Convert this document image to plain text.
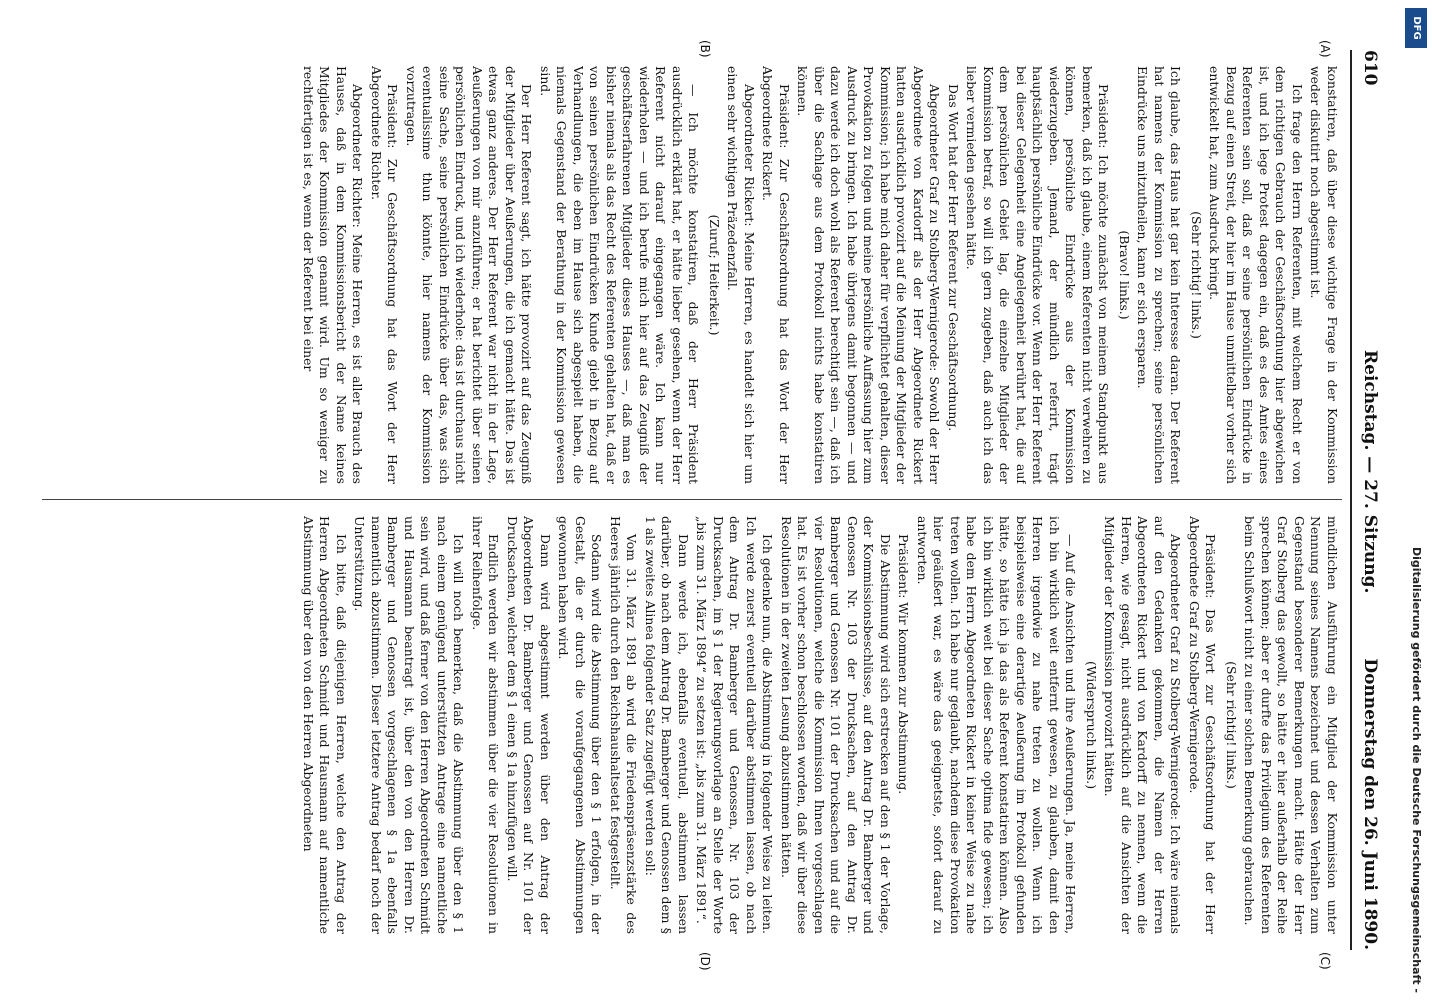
610
Reichstag. — 27. Sitzung.
Donnerstag den 26. Juni 1890.
(A)
(B)
(C)
(D)

konstatiren, daß über diese wichtige Frage in der Kommission weder diskutirt noch abgestimmt ist.

Ich frage den Herrn Referenten, mit welchem Recht er von dem richtigen Gebrauch der Geschäftsordnung hier abgewichen ist, und ich lege Protest dagegen ein, daß es des Amtes eines Referenten sein soll, daß er seine persönlichen Eindrücke in Bezug auf einen Streit, der hier im Hause unmittelbar vorher sich entwickelt hat, zum Ausdruck bringt.

(Sehr richtig! links.)

Ich glaube, das Haus hat gar kein Interesse daran. Der Referent hat namens der Kommission zu sprechen; seine persönlichen Eindrücke uns mitzutheilen, kann er sich ersparen.

(Bravo! links.)

Präsident: Ich möchte zunächst von meinem Standpunkt aus bemerken, daß ich glaube, einem Referenten nicht verwehren zu können, persönliche Eindrücke aus der Kommission wiederzugeben. Jemand, der mündlich referirt, trägt hauptsächlich persönliche Eindrücke vor. Wenn der Herr Referent bei dieser Gelegenheit eine Angelegenheit berührt hat, die auf dem persönlichen Gebiet lag, die einzelne Mitglieder der Kommission betraf, so will ich gern zugeben, daß auch ich das lieber vermieden gesehen hätte.

Das Wort hat der Herr Referent zur Geschäftsordnung.

Abgeordneter Graf zu Stolberg-Wernigerode: Sowohl der Herr Abgeordnete von Kardorff als der Herr Abgeordnete Rickert hatten ausdrücklich provozirt auf die Meinung der Mitglieder der Kommission; ich habe mich daher für verpflichtet gehalten, dieser Provokation zu folgen und meine persönliche Auffassung hier zum Ausdruck zu bringen. Ich habe übrigens damit begonnen — und dazu werde ich doch wohl als Referent berechtigt sein —, daß ich über die Sachlage aus dem Protokoll nichts habe konstatiren können.

Präsident: Zur Geschäftsordnung hat das Wort der Herr Abgeordnete Rickert.

Abgeordneter Rickert: Meine Herren, es handelt sich hier um einen sehr wichtigen Präzedenzfall.

(Zuruf; Heiterkeit.)

— Ich möchte konstatiren, daß der Herr Präsident ausdrücklich erklärt hat, er hätte lieber gesehen, wenn der Herr Referent nicht darauf eingegangen wäre. Ich kann nur wiederholen — und ich berufe mich hier auf das Zeugniß der geschäftserfahrenen Mitglieder dieses Hauses —, daß man es bisher niemals als das Recht des Referenten gehalten hat, daß er von seinen persönlichen Eindrücken Kunde giebt in Bezug auf Verhandlungen, die eben im Hause sich abgespielt haben, die niemals Gegenstand der Berathung in der Kommission gewesen sind.

Der Herr Referent sagt, ich hätte provozirt auf das Zeugniß der Mitglieder über Aeußerungen, die ich gemacht hätte. Das ist etwas ganz anderes. Der Herr Referent war nicht in der Lage, Aeußerungen von mir anzuführen; er hat berichtet über seinen persönlichen Eindruck, und ich wiederhole: das ist durchaus nicht seine Sache, seine persönlichen Eindrücke über das, was sich eventualissime thun könnte, hier namens der Kommission vorzutragen.

Präsident: Zur Geschäftsordnung hat das Wort der Herr Abgeordnete Richter.

Abgeordneter Richter: Meine Herren, es ist aller Brauch des Hauses, daß in dem Kommissionsbericht der Name keines Mitgliedes der Kommission genannt wird. Um so weniger zu rechtfertigen ist es, wenn der Referent bei einer

mündlichen Ausführung ein Mitglied der Kommission unter Nennung seines Namens bezeichnet und dessen Verhalten zum Gegenstand besonderer Bemerkungen macht. Hätte der Herr Graf Stolberg das gewollt, so hätte er hier außerhalb der Reihe sprechen können; aber er durfte das Privilegium des Referenten beim Schlußwort nicht zu einer solchen Bemerkung gebrauchen.

(Sehr richtig! links.)

Präsident: Das Wort zur Geschäftsordnung hat der Herr Abgeordnete Graf zu Stolberg-Wernigerode.

Abgeordneter Graf zu Stolberg-Wernigerode: Ich wäre niemals auf den Gedanken gekommen, die Namen der Herren Abgeordneten Rickert und von Kardorff zu nennen, wenn die Herren, wie gesagt, nicht ausdrücklich auf die Ansichten der Mitglieder der Kommission provozirt hätten.

(Widerspruch links.)

— Auf die Ansichten und ihre Aeußerungen. Ja, meine Herren, ich bin wirklich weit entfernt gewesen, zu glauben, damit den Herren irgendwie zu nahe treten zu wollen. Wenn ich beispielsweise eine derartige Aeußerung im Protokoll gefunden hätte, so hätte ich ja das als Referent konstatiren können. Also ich bin wirklich weit bei dieser Sache optima fide gewesen; ich habe dem Herrn Abgeordneten Rickert in keiner Weise zu nahe treten wollen. Ich habe nur geglaubt, nachdem diese Provokation hier geäußert war, es wäre das geeignetste, sofort darauf zu antworten.

Präsident: Wir kommen zur Abstimmung.

Die Abstimmung wird sich erstrecken auf den § 1 der Vorlage, der Kommissionsbeschlüsse, auf den Antrag Dr. Bamberger und Genossen Nr. 103 der Drucksachen, auf den Antrag Dr. Bamberger und Genossen Nr. 101 der Drucksachen und auf die vier Resolutionen, welche die Kommission Ihnen vorgeschlagen hat. Es ist vorher schon beschlossen worden, daß wir über diese Resolutionen in der zweiten Lesung abzustimmen hätten.

Ich gedenke nun, die Abstimmung in folgender Weise zu leiten. Ich werde zuerst eventuell darüber abstimmen lassen, ob nach dem Antrag Dr. Bamberger und Genossen, Nr. 103 der Drucksachen, im § 1 der Regierungsvorlage an Stelle der Worte „bis zum 31. März 1894“ zu setzen ist: „bis zum 31. März 1891“.

Dann werde ich, ebenfalls eventuell, abstimmen lassen darüber, ob nach dem Antrag Dr. Bamberger und Genossen dem § 1 als zweites Alinea folgender Satz zugefügt werden soll:

Vom 31. März 1891 ab wird die Friedenspräsenzstärke des Heeres jährlich durch den Reichshaushaltsetat festgestellt.

Sodann wird die Abstimmung über den § 1 erfolgen, in der Gestalt, die er durch die voraufgegangenen Abstimmungen gewonnen haben wird.

Dann wird abgestimmt werden über den Antrag der Abgeordneten Dr. Bamberger und Genossen auf Nr. 101 der Drucksachen, welcher dem § 1 einen § 1a hinzufügen will.

Endlich werden wir abstimmen über die vier Resolutionen in ihrer Reihenfolge.

Ich will noch bemerken, daß die Abstimmung über den § 1 nach einem genügend unterstützten Antrage eine namentliche sein wird, und daß ferner von den Herren Abgeordneten Schmidt und Hausmann beantragt ist, über den von den Herren Dr. Bamberger und Genossen vorgeschlagenen § 1a ebenfalls namentlich abzustimmen. Dieser letztere Antrag bedarf noch der Unterstützung.

Ich bitte, daß diejenigen Herren, welche den Antrag der Herren Abgeordneten Schmidt und Hausmann auf namentliche Abstimmung über den von den Herren Abgeordneten	Digitalisierung gefördert durch die Deutsche Forschungsgemeinschaft -
DFG
